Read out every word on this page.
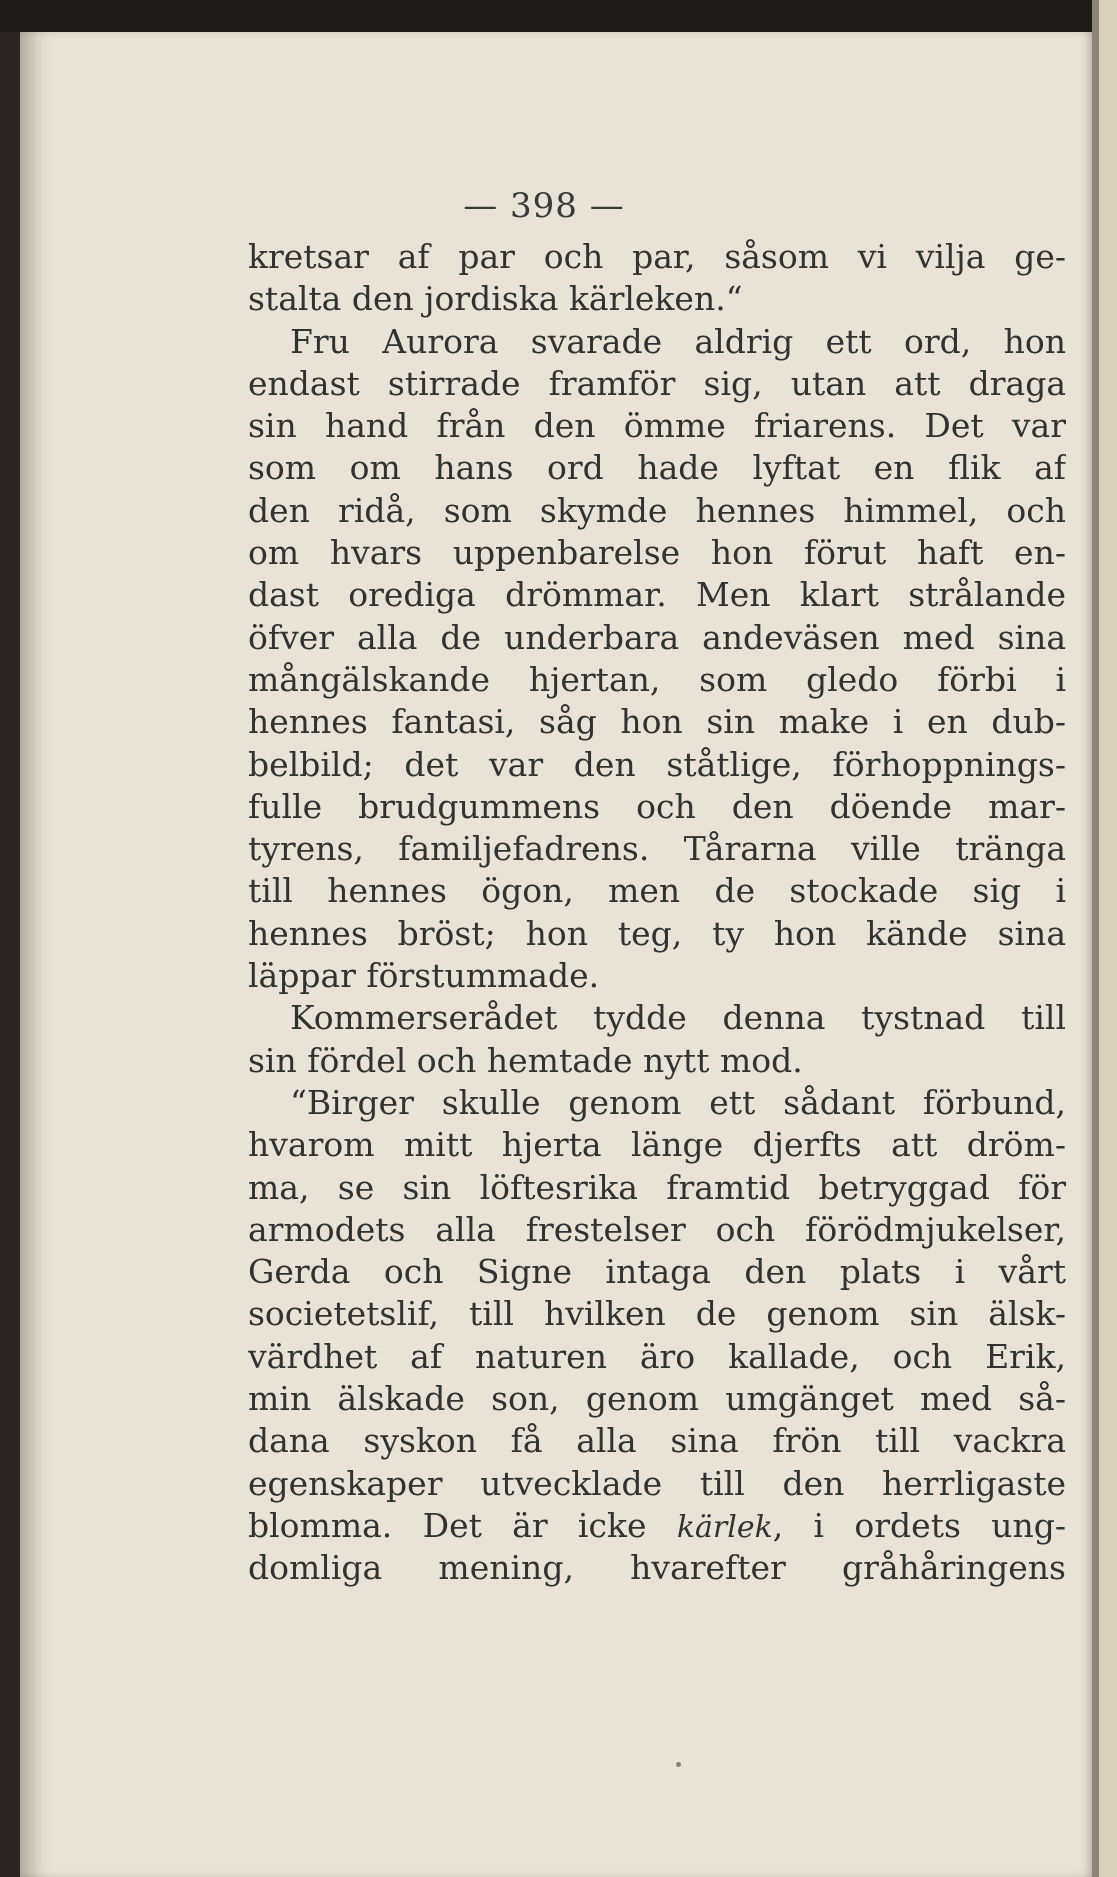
— 398 —
kretsar af par och par, såsom vi vilja ge-
stalta den jordiska kärleken.“
Fru Aurora svarade aldrig ett ord, hon
endast stirrade framför sig, utan att draga
sin hand från den ömme friarens. Det var
som om hans ord hade lyftat en flik af
den ridå, som skymde hennes himmel, och
om hvars uppenbarelse hon förut haft en-
dast orediga drömmar. Men klart strålande
öfver alla de underbara andeväsen med sina
mångälskande hjertan, som gledo förbi i
hennes fantasi, såg hon sin make i en dub-
belbild; det var den ståtlige, förhoppnings-
fulle brudgummens och den döende mar-
tyrens, familjefadrens. Tårarna ville tränga
till hennes ögon, men de stockade sig i
hennes bröst; hon teg, ty hon kände sina
läppar förstummade.
Kommerserådet tydde denna tystnad till
sin fördel och hemtade nytt mod.
“Birger skulle genom ett sådant förbund,
hvarom mitt hjerta länge djerfts att dröm-
ma, se sin löftesrika framtid betryggad för
armodets alla frestelser och förödmjukelser,
Gerda och Signe intaga den plats i vårt
societetslif, till hvilken de genom sin älsk-
värdhet af naturen äro kallade, och Erik,
min älskade son, genom umgänget med så-
dana syskon få alla sina frön till vackra
egenskaper utvecklade till den herrligaste
blomma. Det är icke kärlek, i ordets ung-
domliga mening, hvarefter gråhåringens
